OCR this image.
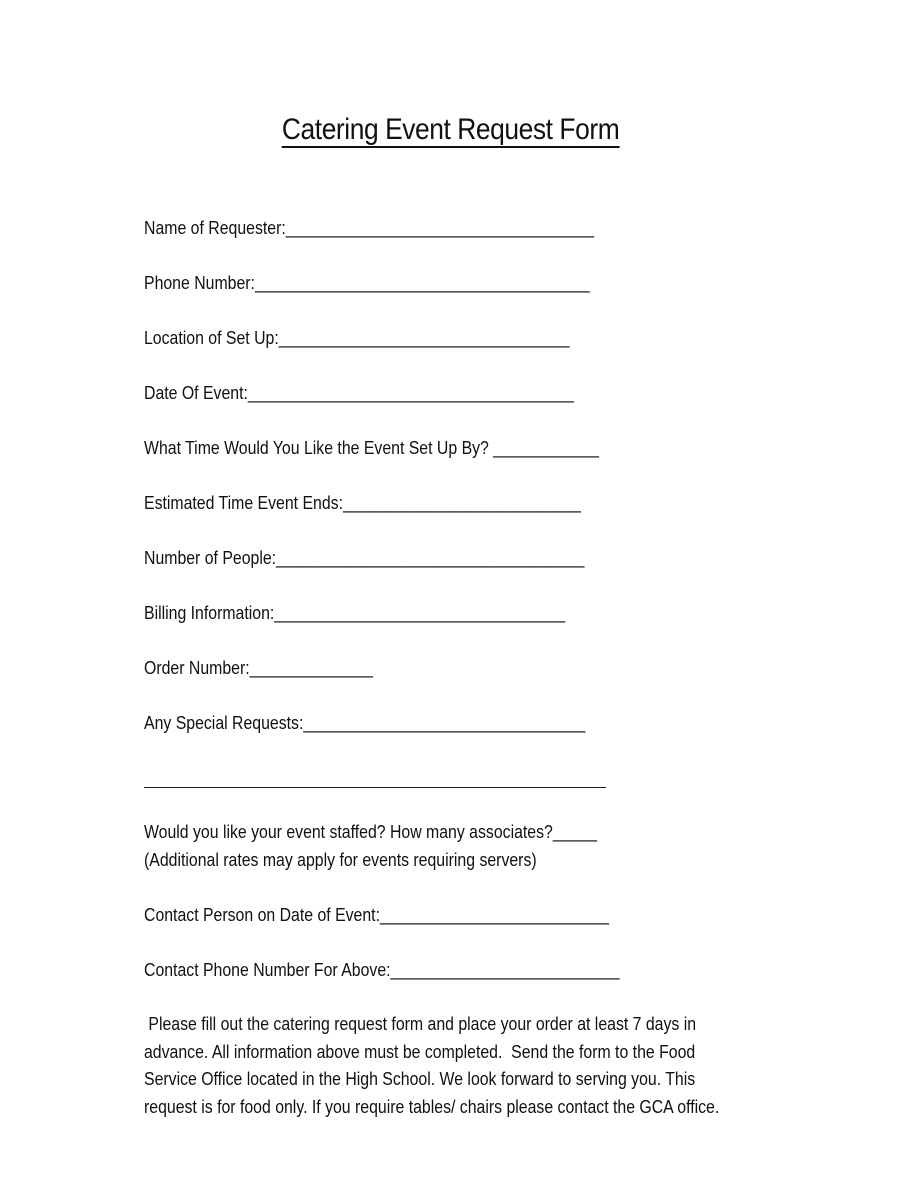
Catering Event Request Form
Name of Requester:___________________________________
Phone Number:______________________________________
Location of Set Up:_________________________________
Date Of Event:_____________________________________
What Time Would You Like the Event Set Up By? ____________
Estimated Time Event Ends:___________________________
Number of People:___________________________________
Billing Information:_________________________________
Order Number:______________
Any Special Requests:________________________________
Would you like your event staffed? How many associates?_____
(Additional rates may apply for events requiring servers)
Contact Person on Date of Event:__________________________
Contact Phone Number For Above:__________________________
Please fill out the catering request form and place your order at least 7 days in
advance. All information above must be completed.  Send the form to the Food
Service Office located in the High School. We look forward to serving you. This
request is for food only. If you require tables/ chairs please contact the GCA office.
